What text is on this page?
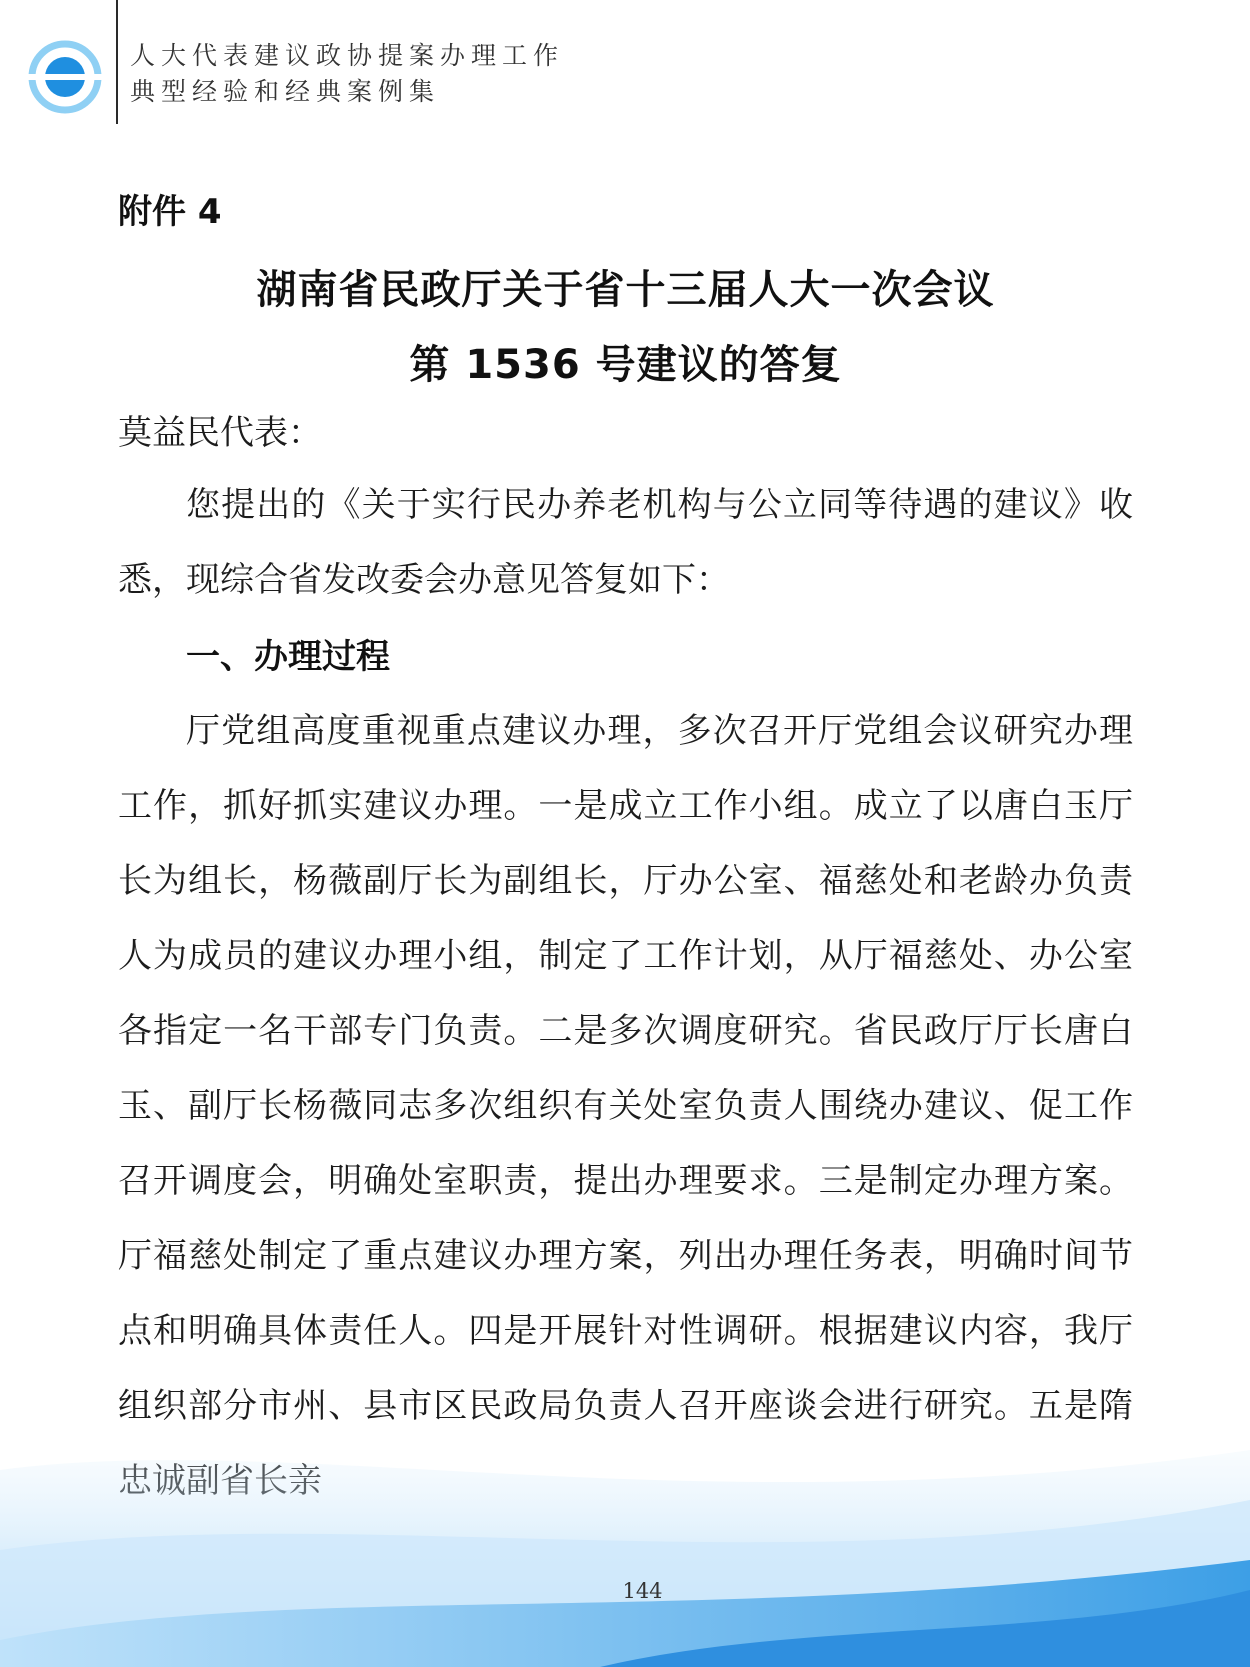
人大代表建议政协提案办理工作
典型经验和经典案例集
附件 4
湖南省民政厅关于省十三届人大一次会议
第 1536 号建议的答复
莫益民代表：
您提出的《关于实行民办养老机构与公立同等待遇的建议》收悉，现综合省发改委会办意见答复如下：
一、办理过程
厅党组高度重视重点建议办理，多次召开厅党组会议研究办理工作，抓好抓实建议办理。一是成立工作小组。成立了以唐白玉厅长为组长，杨薇副厅长为副组长，厅办公室、福慈处和老龄办负责人为成员的建议办理小组，制定了工作计划，从厅福慈处、办公室各指定一名干部专门负责。二是多次调度研究。省民政厅厅长唐白玉、副厅长杨薇同志多次组织有关处室负责人围绕办建议、促工作召开调度会，明确处室职责，提出办理要求。三是制定办理方案。厅福慈处制定了重点建议办理方案，列出办理任务表，明确时间节点和明确具体责任人。四是开展针对性调研。根据建议内容，我厅组织部分市州、县市区民政局负责人召开座谈会进行研究。五是隋
144
